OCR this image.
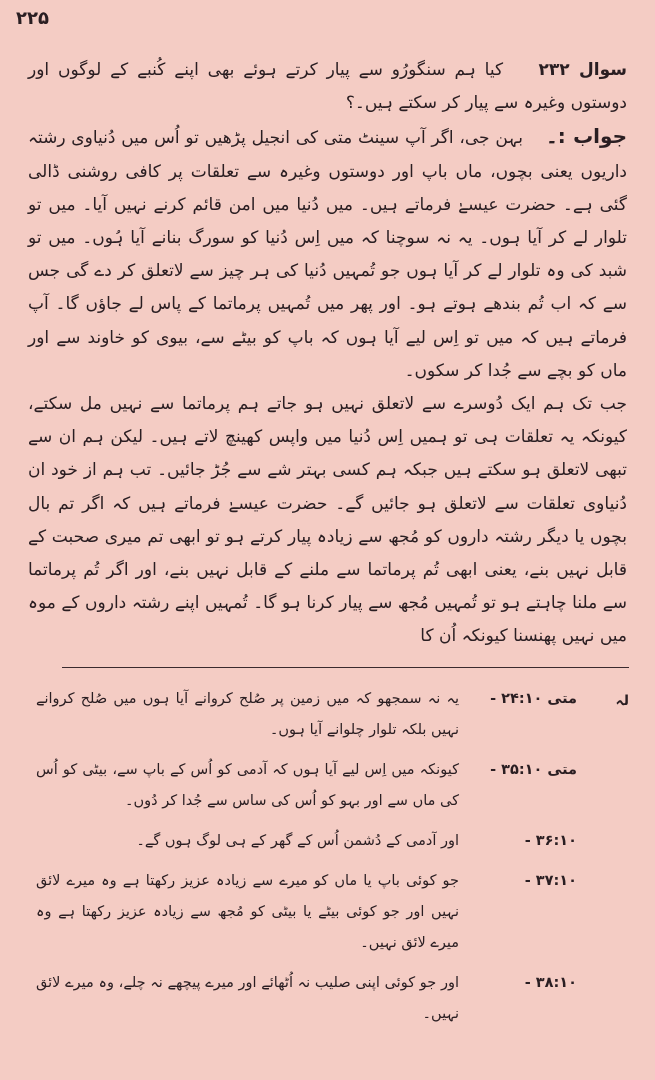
۲۲۵

سوال ۲۳۲    کیا ہم سنگورُو سے پیار کرتے ہوئے بھی اپنے کُنبے کے لوگوں اور دوستوں وغیرہ سے پیار کر سکتے ہیں۔؟

جواب :۔    بہن جی، اگر آپ سینٹ متی کی انجیل پڑھیں تو اُس میں دُنیاوی رشتہ داریوں یعنی بچوں، ماں باپ اور دوستوں وغیرہ سے تعلقات پر کافی روشنی ڈالی گئی ہے۔ حضرت عیسےٰ فرماتے ہیں۔ میں دُنیا میں امن قائم کرنے نہیں آیا۔ میں تو تلوار لے کر آیا ہوں۔ یہ نہ سوچنا کہ میں اِس دُنیا کو سورگ بنانے آیا ہُوں۔ میں تو شبد کی وہ تلوار لے کر آیا ہوں جو تُمہیں دُنیا کی ہر چیز سے لاتعلق کر دے گی جس سے کہ اب تُم بندھے ہوتے ہو۔ اور پھر میں تُمہیں پرماتما کے پاس لے جاؤں گا۔ آپ فرماتے ہیں کہ میں تو اِس لیے آیا ہوں کہ باپ کو بیٹے سے، بیوی کو خاوند سے اور ماں کو بچے سے جُدا کر سکوں۔

جب تک ہم ایک دُوسرے سے لاتعلق نہیں ہو جاتے ہم پرماتما سے نہیں مل سکتے، کیونکہ یہ تعلقات ہی تو ہمیں اِس دُنیا میں واپس کھینچ لاتے ہیں۔ لیکن ہم ان سے تبھی لاتعلق ہو سکتے ہیں جبکہ ہم کسی بہتر شے سے جُڑ جائیں۔ تب ہم از خود ان دُنیاوی تعلقات سے لاتعلق ہو جائیں گے۔ حضرت عیسےٰ فرماتے ہیں کہ اگر تم بال بچوں یا دیگر رشتہ داروں کو مُجھ سے زیادہ پیار کرتے ہو تو ابھی تم میری صحبت کے قابل نہیں بنے، یعنی ابھی تُم پرماتما سے ملنے کے قابل نہیں بنے، اور اگر تُم پرماتما سے ملنا چاہتے ہو تو تُمہیں مُجھ سے پیار کرنا ہو گا۔ تُمہیں اپنے رشتہ داروں کے موہ میں نہیں پھنسنا کیونکہ اُن کا

لہ
متی ۲۴:۱۰ -
یہ نہ سمجھو کہ میں زمین پر صُلح کروانے آیا ہوں میں صُلح کروانے نہیں بلکہ تلوار چلوانے آیا ہوں۔
متی ۳۵:۱۰ -
کیونکہ میں اِس لیے آیا ہوں کہ آدمی کو اُس کے باپ سے، بیٹی کو اُس کی ماں سے اور بہو کو اُس کی ساس سے جُدا کر دُوں۔
۳۶:۱۰ -
اور آدمی کے دُشمن اُس کے گھر کے ہی لوگ ہوں گے۔
۳۷:۱۰ -
جو کوئی باپ یا ماں کو میرے سے زیادہ عزیز رکھتا ہے وہ میرے لائق نہیں اور جو کوئی بیٹے یا بیٹی کو مُجھ سے زیادہ عزیز رکھتا ہے وہ میرے لائق نہیں۔
۳۸:۱۰ -
اور جو کوئی اپنی صلیب نہ اُٹھائے اور میرے پیچھے نہ چلے، وہ میرے لائق نہیں۔
